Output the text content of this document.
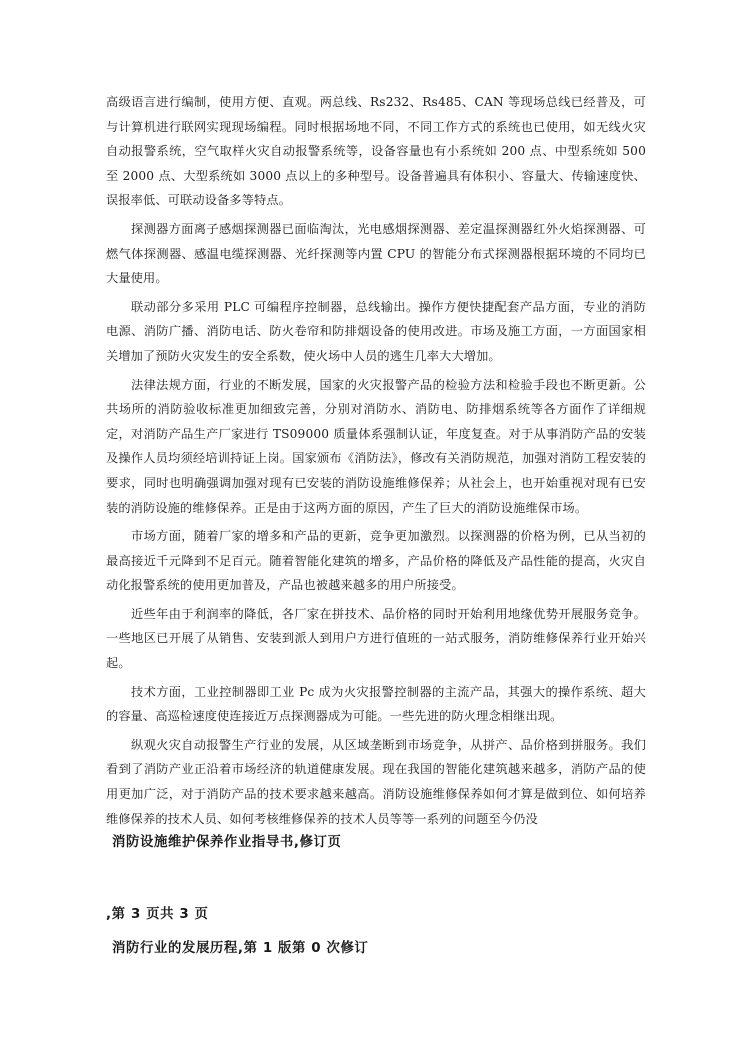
高级语言进行编制，使用方便、直观。两总线、Rs232、Rs485、CAN 等现场总线已经普及，可与计算机进行联网实现现场编程。同时根据场地不同，不同工作方式的系统也已使用，如无线火灾自动报警系统，空气取样火灾自动报警系统等，设备容量也有小系统如 200 点、中型系统如 500 至 2000 点、大型系统如 3000 点以上的多种型号。设备普遍具有体积小、容量大、传输速度快、误报率低、可联动设备多等特点。

探测器方面离子感烟探测器已面临淘汰，光电感烟探测器、差定温探测器红外火焰探测器、可燃气体探测器、感温电缆探测器、光纤探测等内置 CPU 的智能分布式探测器根据环境的不同均已大量使用。

联动部分多采用 PLC 可编程序控制器，总线输出。操作方便快捷配套产品方面，专业的消防电源、消防广播、消防电话、防火卷帘和防排烟设备的使用改进。市场及施工方面，一方面国家相关增加了预防火灾发生的安全系数，使火场中人员的逃生几率大大增加。

法律法规方面，行业的不断发展，国家的火灾报警产品的检验方法和检验手段也不断更新。公共场所的消防验收标准更加细致完善，分别对消防水、消防电、防排烟系统等各方面作了详细规定，对消防产品生产厂家进行 TS09000 质量体系强制认证，年度复查。对于从事消防产品的安装及操作人员均须经培训持证上岗。国家颁布《消防法》，修改有关消防规范，加强对消防工程安装的要求，同时也明确强调加强对现有已安装的消防设施维修保养；从社会上，也开始重视对现有已安装的消防设施的维修保养。正是由于这两方面的原因，产生了巨大的消防设施维保市场。

市场方面，随着厂家的增多和产品的更新，竞争更加激烈。以探测器的价格为例，已从当初的最高接近千元降到不足百元。随着智能化建筑的增多，产品价格的降低及产品性能的提高，火灾自动化报警系统的使用更加普及，产品也被越来越多的用户所接受。

近些年由于利润率的降低，各厂家在拼技术、品价格的同时开始利用地缘优势开展服务竞争。一些地区已开展了从销售、安装到派人到用户方进行值班的一站式服务，消防维修保养行业开始兴起。

技术方面，工业控制器即工业 Pc 成为火灾报警控制器的主流产品，其强大的操作系统、超大的容量、高巡检速度使连接近万点探测器成为可能。一些先进的防火理念相继出现。

纵观火灾自动报警生产行业的发展，从区域垄断到市场竞争，从拼产、品价格到拼服务。我们看到了消防产业正沿着市场经济的轨道健康发展。现在我国的智能化建筑越来越多，消防产品的使用更加广泛，对于消防产品的技术要求越来越高。消防设施维修保养如何才算是做到位、如何培养维修保养的技术人员、如何考核维修保养的技术人员等等一系列的问题至今仍没

消防设施维护保养作业指导书,修订页

,第 3 页共 3 页

消防行业的发展历程,第 1 版第 0 次修订
